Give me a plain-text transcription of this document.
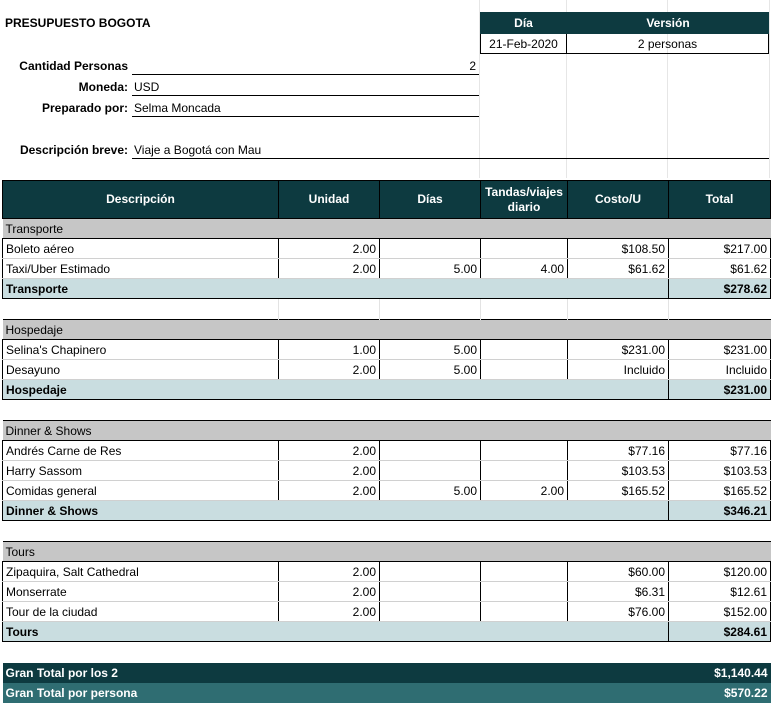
PRESUPUESTO BOGOTA	Día	Versión
21-Feb-2020	2 personas
Cantidad Personas	2
Moneda: USD
Preparado por: Selma Moncada
Descripción breve: Viaje a Bogotá con Mau
Descripción	Unidad	Días	Tandas/viajes diario	Costo/U	Total
Transporte					
Boleto aéreo	2.00			$108.50	$217.00
Taxi/Uber Estimado	2.00	5.00	4.00	$61.62	$61.62
Transporte					$278.62

Hospedaje					
Selina's Chapinero	1.00	5.00		$231.00	$231.00
Desayuno	2.00	5.00		Incluido	Incluido
Hospedaje					$231.00

Dinner & Shows					
Andrés Carne de Res	2.00			$77.16	$77.16
Harry Sassom	2.00			$103.53	$103.53
Comidas general	2.00	5.00	2.00	$165.52	$165.52
Dinner & Shows					$346.21

Tours					
Zipaquira, Salt Cathedral	2.00			$60.00	$120.00
Monserrate	2.00			$6.31	$12.61
Tour de la ciudad	2.00			$76.00	$152.00
Tours					$284.61

Gran Total por los 2					$1,140.44
Gran Total por persona					$570.22
